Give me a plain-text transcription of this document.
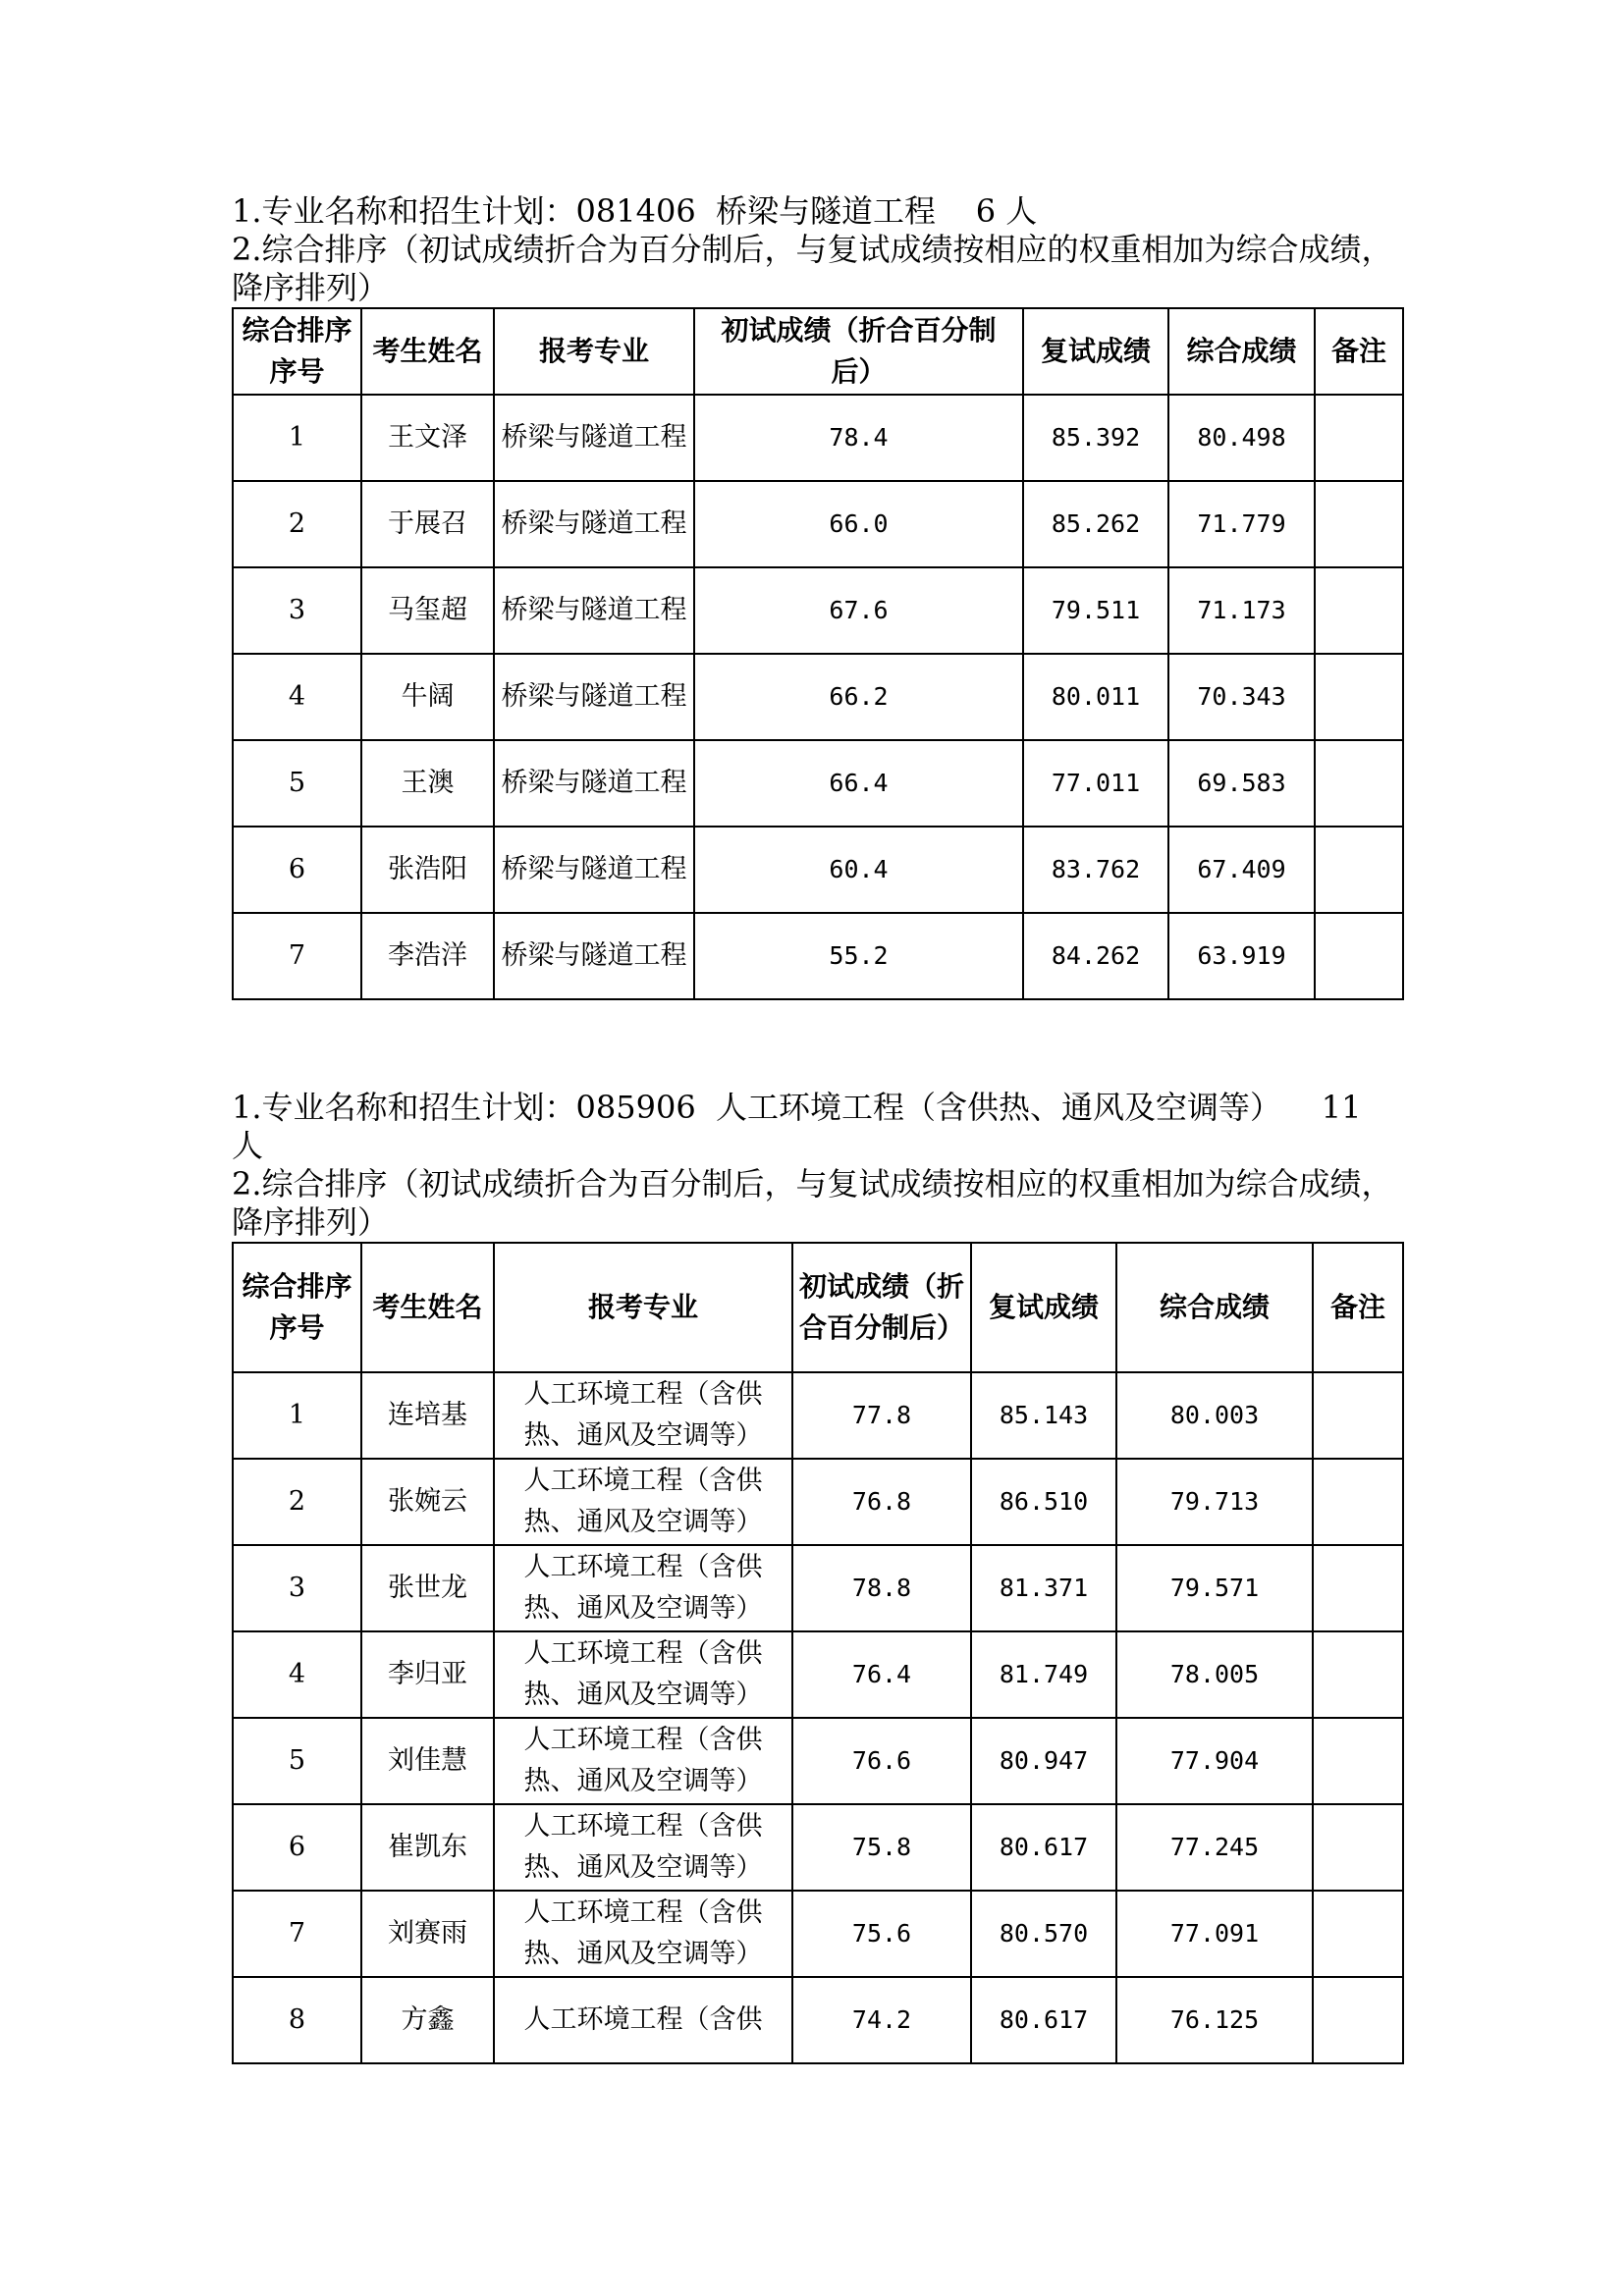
1.专业名称和招生计划：081406  桥梁与隧道工程    6 人

2.综合排序（初试成绩折合为百分制后，与复试成绩按相应的权重相加为综合成绩，降序排列）

综合排序序号	考生姓名	报考专业	初试成绩（折合百分制后）	复试成绩	综合成绩	备注
1	王文泽	桥梁与隧道工程	78.4	85.392	80.498	
2	于展召	桥梁与隧道工程	66.0	85.262	71.779	
3	马玺超	桥梁与隧道工程	67.6	79.511	71.173	
4	牛阔	桥梁与隧道工程	66.2	80.011	70.343	
5	王澳	桥梁与隧道工程	66.4	77.011	69.583	
6	张浩阳	桥梁与隧道工程	60.4	83.762	67.409	
7	李浩洋	桥梁与隧道工程	55.2	84.262	63.919	

1.专业名称和招生计划：085906  人工环境工程（含供热、通风及空调等）    11 人

2.综合排序（初试成绩折合为百分制后，与复试成绩按相应的权重相加为综合成绩，降序排列）

综合排序序号	考生姓名	报考专业	初试成绩（折合百分制后）	复试成绩	综合成绩	备注
1	连培基	人工环境工程（含供热、通风及空调等）	77.8	85.143	80.003	
2	张婉云	人工环境工程（含供热、通风及空调等）	76.8	86.510	79.713	
3	张世龙	人工环境工程（含供热、通风及空调等）	78.8	81.371	79.571	
4	李归亚	人工环境工程（含供热、通风及空调等）	76.4	81.749	78.005	
5	刘佳慧	人工环境工程（含供热、通风及空调等）	76.6	80.947	77.904	
6	崔凯东	人工环境工程（含供热、通风及空调等）	75.8	80.617	77.245	
7	刘赛雨	人工环境工程（含供热、通风及空调等）	75.6	80.570	77.091	
8	方鑫	人工环境工程（含供	74.2	80.617	76.125	
